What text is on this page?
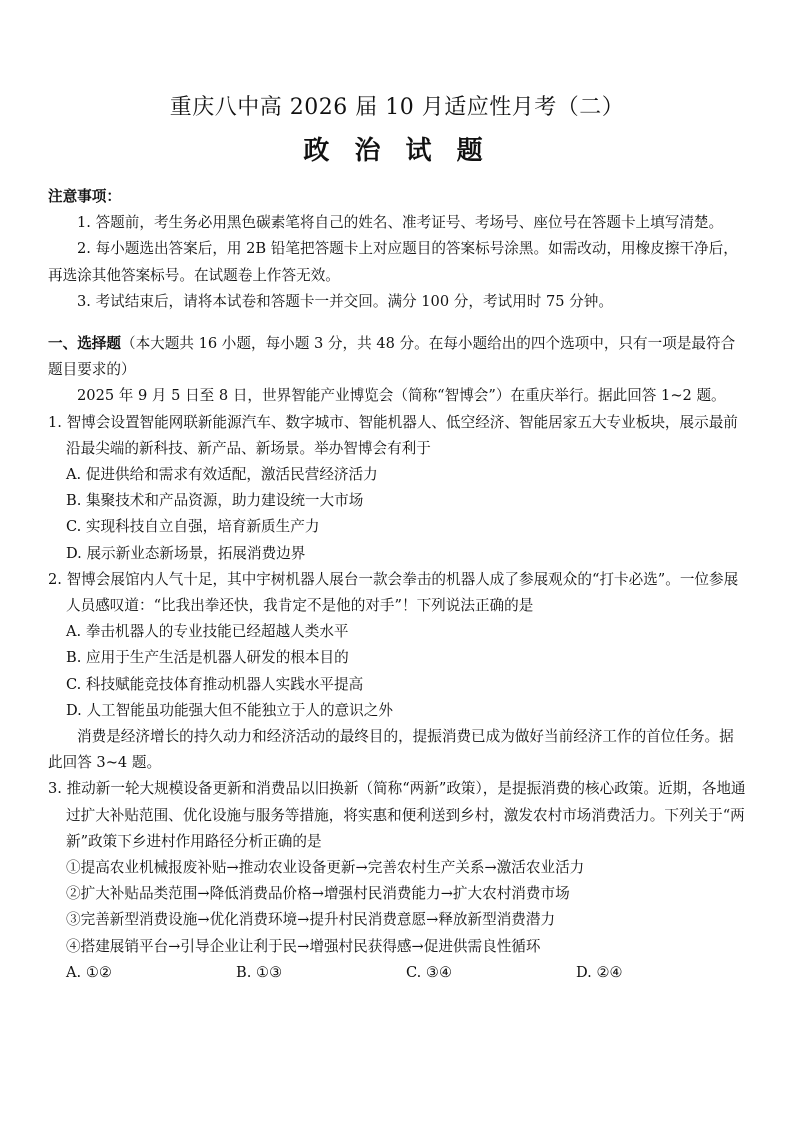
重庆八中高 2026 届 10 月适应性月考（二）
政 治 试 题

注意事项：

1. 答题前，考生务必用黑色碳素笔将自己的姓名、准考证号、考场号、座位号在答题卡上填写清楚。

2. 每小题选出答案后，用 2B 铅笔把答题卡上对应题目的答案标号涂黑。如需改动，用橡皮擦干净后，再选涂其他答案标号。在试题卷上作答无效。

3. 考试结束后，请将本试卷和答题卡一并交回。满分 100 分，考试用时 75 分钟。

一、选择题（本大题共 16 小题，每小题 3 分，共 48 分。在每小题给出的四个选项中，只有一项是最符合题目要求的）

2025 年 9 月 5 日至 8 日，世界智能产业博览会（简称“智博会”）在重庆举行。据此回答 1~2 题。

1. 智博会设置智能网联新能源汽车、数字城市、智能机器人、低空经济、智能居家五大专业板块，展示最前沿最尖端的新科技、新产品、新场景。举办智博会有利于

A. 促进供给和需求有效适配，激活民营经济活力

B. 集聚技术和产品资源，助力建设统一大市场

C. 实现科技自立自强，培育新质生产力

D. 展示新业态新场景，拓展消费边界

2. 智博会展馆内人气十足，其中宇树机器人展台一款会拳击的机器人成了参展观众的“打卡必选”。一位参展人员感叹道：“比我出拳还快，我肯定不是他的对手”！下列说法正确的是

A. 拳击机器人的专业技能已经超越人类水平

B. 应用于生产生活是机器人研发的根本目的

C. 科技赋能竞技体育推动机器人实践水平提高

D. 人工智能虽功能强大但不能独立于人的意识之外

消费是经济增长的持久动力和经济活动的最终目的，提振消费已成为做好当前经济工作的首位任务。据此回答 3~4 题。

3. 推动新一轮大规模设备更新和消费品以旧换新（简称“两新”政策），是提振消费的核心政策。近期，各地通过扩大补贴范围、优化设施与服务等措施，将实惠和便利送到乡村，激发农村市场消费活力。下列关于“两新”政策下乡进村作用路径分析正确的是

①提高农业机械报废补贴→推动农业设备更新→完善农村生产关系→激活农业活力

②扩大补贴品类范围→降低消费品价格→增强村民消费能力→扩大农村消费市场

③完善新型消费设施→优化消费环境→提升村民消费意愿→释放新型消费潜力

④搭建展销平台→引导企业让利于民→增强村民获得感→促进供需良性循环

A. ①②	B. ①③	C. ③④	D. ②④
